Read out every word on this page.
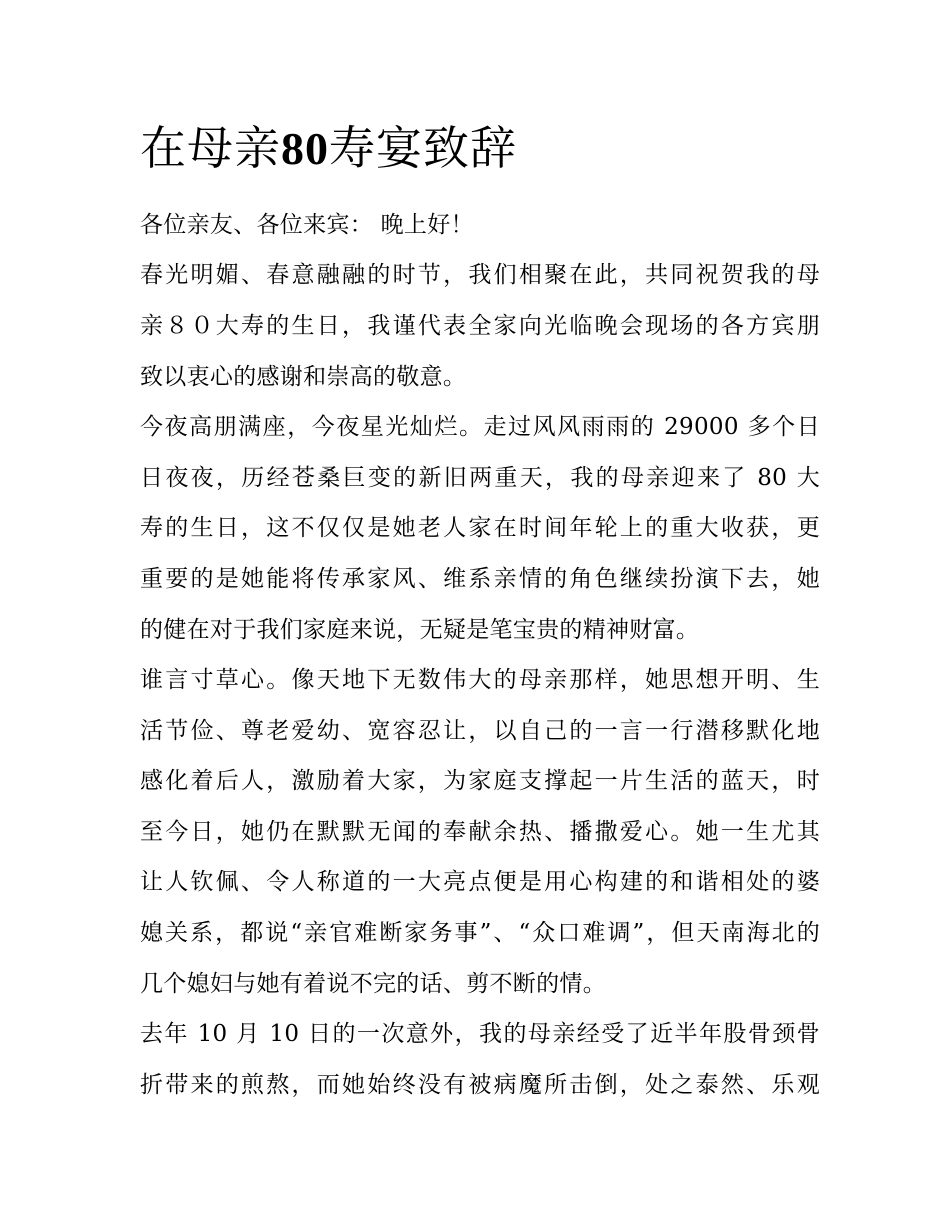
在母亲80寿宴致辞
各位亲友、各位来宾： 晚上好！
春光明媚、春意融融的时节，我们相聚在此，共同祝贺我的母
亲８０大寿的生日，我谨代表全家向光临晚会现场的各方宾朋
致以衷心的感谢和崇高的敬意。
今夜高朋满座，今夜星光灿烂。走过风风雨雨的 29000 多个日
日夜夜，历经苍桑巨变的新旧两重天，我的母亲迎来了 80 大
寿的生日，这不仅仅是她老人家在时间年轮上的重大收获，更
重要的是她能将传承家风、维系亲情的角色继续扮演下去，她
的健在对于我们家庭来说，无疑是笔宝贵的精神财富。
谁言寸草心。像天地下无数伟大的母亲那样，她思想开明、生
活节俭、尊老爱幼、宽容忍让，以自己的一言一行潜移默化地
感化着后人，激励着大家，为家庭支撑起一片生活的蓝天，时
至今日，她仍在默默无闻的奉献余热、播撒爱心。她一生尤其
让人钦佩、令人称道的一大亮点便是用心构建的和谐相处的婆
媳关系，都说“亲官难断家务事”、“众口难调”，但天南海北的
几个媳妇与她有着说不完的话、剪不断的情。
去年 10 月 10 日的一次意外，我的母亲经受了近半年股骨颈骨
折带来的煎熬，而她始终没有被病魔所击倒，处之泰然、乐观
